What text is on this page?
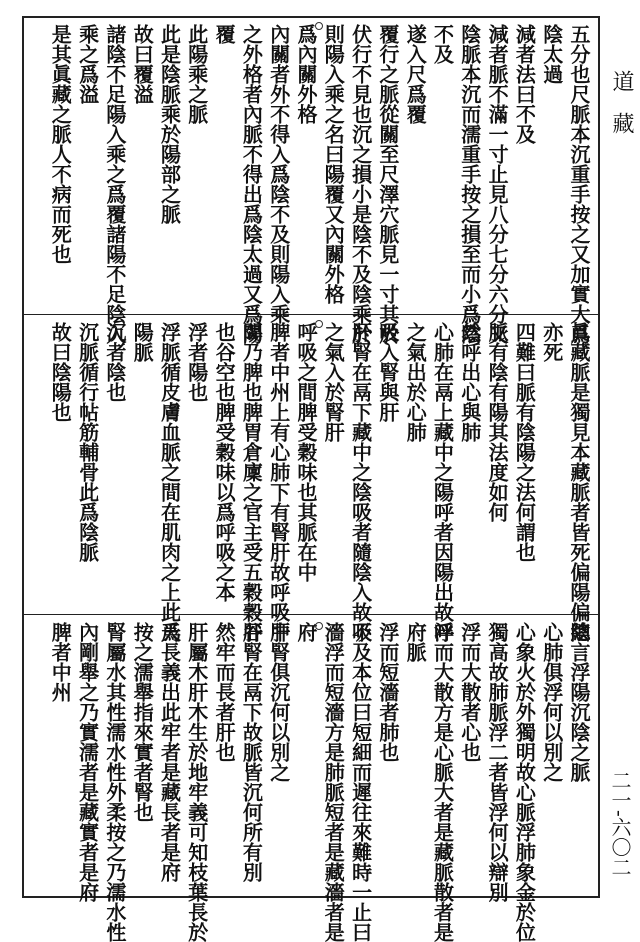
道
藏
二一-六〇二
五分也尺脈本沉重手按之又加實大爲
陰太過
減者法曰不及
減者脈不滿一寸止見八分七分六分又
陰脈本沉而濡重手按之損至而小爲陰
不及
遂入尺爲覆
覆行之脈從關至尺澤穴脈見一寸其於
伏行不見也沉之損小是陰不及陰乘於
則陽入乘之名曰陽覆又內關外格
爲內關外格
內關者外不得入爲陰不及則陽入乘
之外格者內脈不得出爲陰太過又爲陽
覆
此陽乘之脈
此是陰脈乘於陽部之脈
故曰覆溢
諸陰不足陽入乘之爲覆諸陽不足陰入
乘之爲溢
是其眞藏之脈人不病而死也
眞藏脈是獨見本藏脈者皆死偏陽偏陰
亦死
四難曰脈有陰陽之法何謂也
脈有陰有陽其法度如何
然呼出心與肺
心肺在鬲上藏中之陽呼者因陽出故呼
之氣出於心肺
吸入腎與肝
肝腎在鬲下藏中之陰吸者隨陰入故吸
之氣入於腎肝
呼吸之間脾受穀味也其脈在中
脾者中州上有心肺下有腎肝故呼吸中
間乃脾也脾胃倉廩之官主受五穀穀谷
也谷空也脾受穀味以爲呼吸之本
浮者陽也
浮脈循皮膚血脈之間在肌肉之上此爲
陽脈
沉者陰也
沉脈循行帖筋輔骨此爲陰脈
故曰陰陽也
總言浮陽沉陰之脈
心肺俱浮何以別之
心象火於外獨明故心脈浮肺象金於位
獨高故肺脈浮二者皆浮何以辯別
浮而大散者心也
浮而大散方是心脈大者是藏脈散者是
府脈
浮而短濇者肺也
不及本位曰短細而遲往來難時一止曰
濇浮而短濇方是肺脈短者是藏濇者是
府
肝腎俱沉何以別之
肝腎在鬲下故脈皆沉何所有別
然牢而長者肝也
肝屬木肝木生於地牢義可知枝葉長於
天長義出此牢者是藏長者是府
按之濡舉指來實者腎也
腎屬水其性濡水性外柔按之乃濡水性
內剛舉之乃實濡者是藏實者是府
脾者中州
